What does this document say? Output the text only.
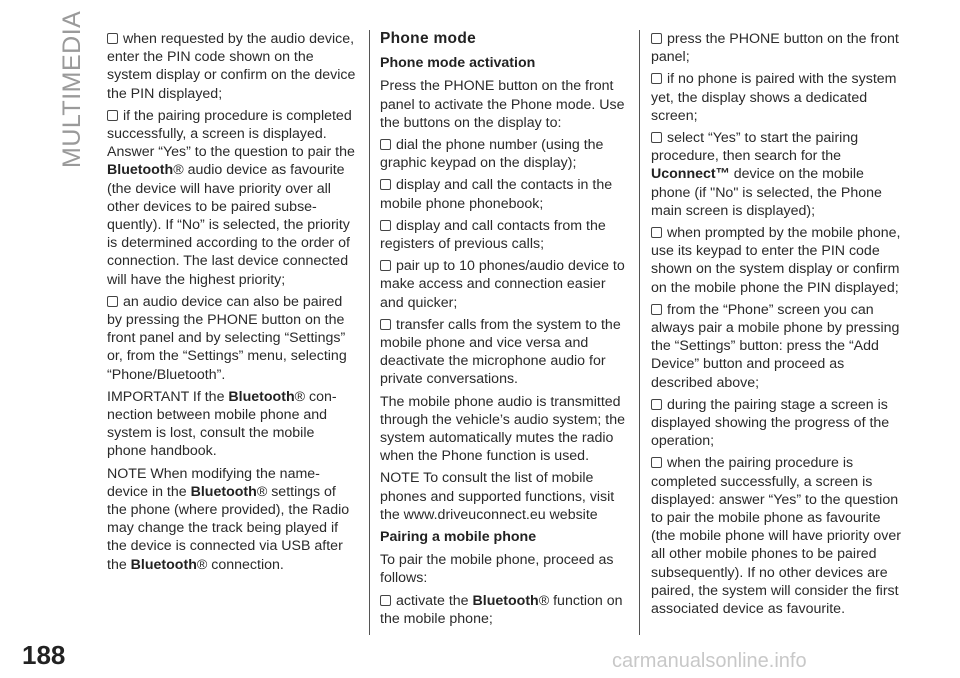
MULTIMEDIA	when requested by the audio device, enter the PIN code shown on the system display or confirm on the device the PIN displayed;
if the pairing procedure is completed successfully, a screen is displayed. Answer “Yes” to the question to pair the Bluetooth® audio device as favourite (the device will have priority over all other devices to be paired subse-quently). If “No” is selected, the priority is determined according to the order of connection. The last device connected will have the highest priority;
an audio device can also be paired by pressing the PHONE button on the front panel and by selecting “Settings” or, from the “Settings” menu, selecting “Phone/Bluetooth”.

IMPORTANT If the Bluetooth® con-nection between mobile phone and system is lost, consult the mobile phone handbook.

NOTE When modifying the name-device in the Bluetooth® settings of the phone (where provided), the Radio may change the track being played if the device is connected via USB after the Bluetooth® connection.

Phone mode
Phone mode activation

Press the PHONE button on the front panel to activate the Phone mode. Use the buttons on the display to:

dial the phone number (using the graphic keypad on the display);
display and call the contacts in the mobile phone phonebook;
display and call contacts from the registers of previous calls;
pair up to 10 phones/audio device to make access and connection easier and quicker;
transfer calls from the system to the mobile phone and vice versa and deactivate the microphone audio for private conversations.

The mobile phone audio is transmitted through the vehicle’s audio system; the system automatically mutes the radio when the Phone function is used.

NOTE To consult the list of mobile phones and supported functions, visit the www.driveuconnect.eu website

Pairing a mobile phone

To pair the mobile phone, proceed as follows:

activate the Bluetooth® function on the mobile phone;
press the PHONE button on the front panel;
if no phone is paired with the system yet, the display shows a dedicated screen;
select “Yes” to start the pairing procedure, then search for the Uconnect™ device on the mobile phone (if "No" is selected, the Phone main screen is displayed);
when prompted by the mobile phone, use its keypad to enter the PIN code shown on the system display or confirm on the mobile phone the PIN displayed;
from the “Phone” screen you can always pair a mobile phone by pressing the “Settings” button: press the “Add Device” button and proceed as described above;
during the pairing stage a screen is displayed showing the progress of the operation;
when the pairing procedure is completed successfully, a screen is displayed: answer “Yes” to the question to pair the mobile phone as favourite (the mobile phone will have priority over all other mobile phones to be paired subsequently). If no other devices are paired, the system will consider the first associated device as favourite.
188	carmanualsonline.info
